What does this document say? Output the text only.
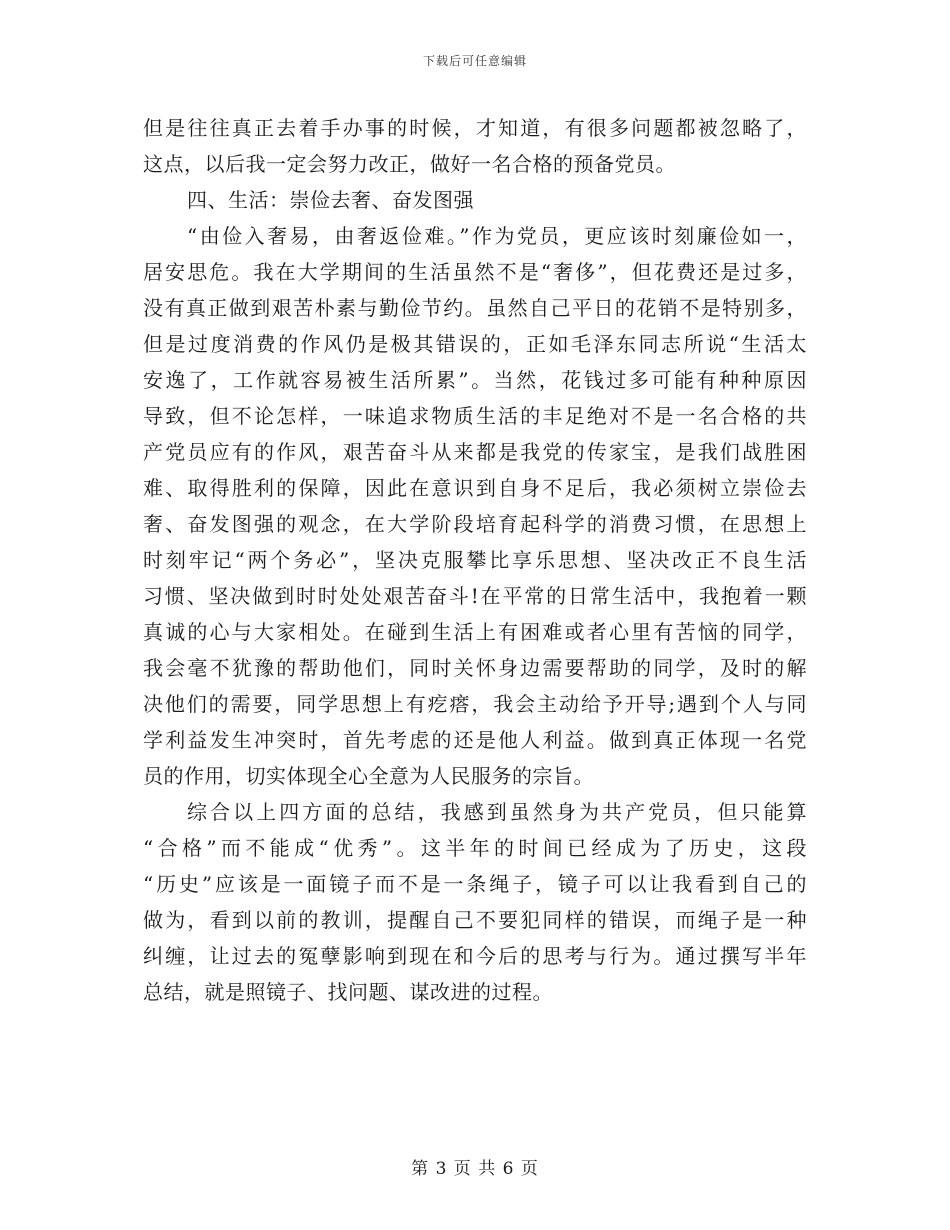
下载后可任意编辑
但是往往真正去着手办事的时候，才知道，有很多问题都被忽略了，
这点，以后我一定会努力改正，做好一名合格的预备党员。
四、生活：崇俭去奢、奋发图强
“由俭入奢易，由奢返俭难。”作为党员，更应该时刻廉俭如一，
居安思危。我在大学期间的生活虽然不是“奢侈”，但花费还是过多，
没有真正做到艰苦朴素与勤俭节约。虽然自己平日的花销不是特别多，
但是过度消费的作风仍是极其错误的，正如毛泽东同志所说“生活太
安逸了，工作就容易被生活所累”。当然，花钱过多可能有种种原因
导致，但不论怎样，一味追求物质生活的丰足绝对不是一名合格的共
产党员应有的作风，艰苦奋斗从来都是我党的传家宝，是我们战胜困
难、取得胜利的保障，因此在意识到自身不足后，我必须树立崇俭去
奢、奋发图强的观念，在大学阶段培育起科学的消费习惯，在思想上
时刻牢记“两个务必”，坚决克服攀比享乐思想、坚决改正不良生活
习惯、坚决做到时时处处艰苦奋斗!在平常的日常生活中，我抱着一颗
真诚的心与大家相处。在碰到生活上有困难或者心里有苦恼的同学，
我会毫不犹豫的帮助他们，同时关怀身边需要帮助的同学，及时的解
决他们的需要，同学思想上有疙瘩，我会主动给予开导;遇到个人与同
学利益发生冲突时，首先考虑的还是他人利益。做到真正体现一名党
员的作用，切实体现全心全意为人民服务的宗旨。
综合以上四方面的总结，我感到虽然身为共产党员，但只能算
“合格”而不能成“优秀”。这半年的时间已经成为了历史，这段
“历史”应该是一面镜子而不是一条绳子，镜子可以让我看到自己的
做为，看到以前的教训，提醒自己不要犯同样的错误，而绳子是一种
纠缠，让过去的冤孽影响到现在和今后的思考与行为。通过撰写半年
总结，就是照镜子、找问题、谋改进的过程。
第 3 页 共 6 页
